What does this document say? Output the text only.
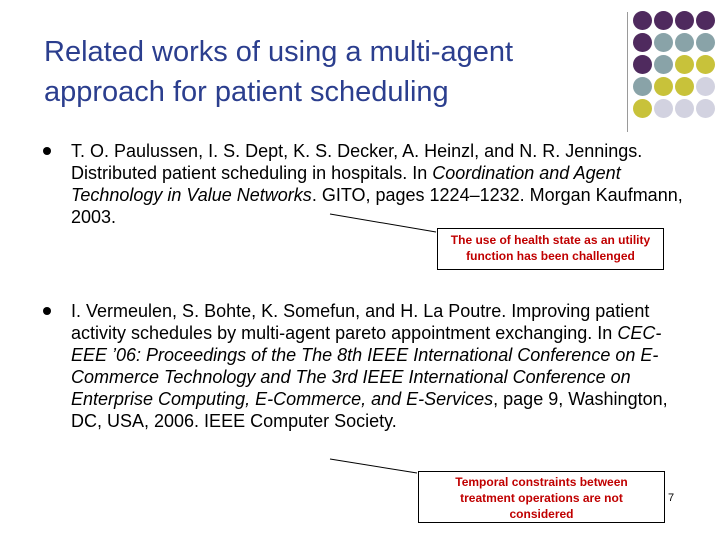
Related works of using a multi-agent
approach for patient scheduling
T. O. Paulussen, I. S. Dept, K. S. Decker, A. Heinzl, and N. R. Jennings. Distributed patient scheduling in hospitals. In Coordination and Agent Technology in Value Networks. GITO, pages 1224–1232. Morgan Kaufmann, 2003.
I. Vermeulen, S. Bohte, K. Somefun, and H. La Poutre. Improving patient activity schedules by multi-agent pareto appointment exchanging. In CEC-EEE ’06: Proceedings of the The 8th IEEE International Conference on E-Commerce Technology and The 3rd IEEE International Conference on Enterprise Computing, E-Commerce, and E-Services, page 9, Washington, DC, USA, 2006. IEEE Computer Society.
The use of health state as an utility
function has been challenged
Temporal constraints between
treatment operations are not
considered
7
